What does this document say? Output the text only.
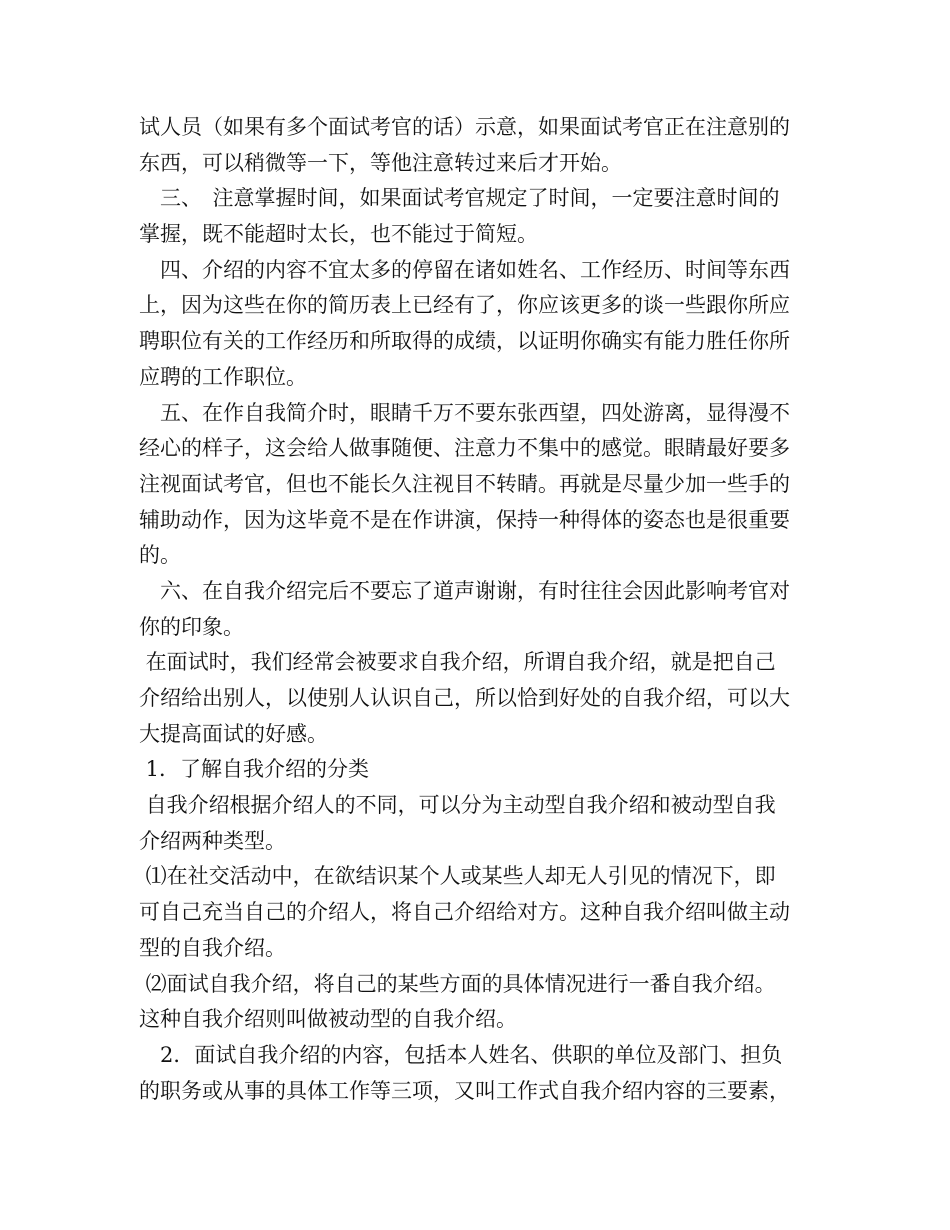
试人员（如果有多个面试考官的话）示意，如果面试考官正在注意别的
东西，可以稍微等一下，等他注意转过来后才开始。
　三、　注意掌握时间，如果面试考官规定了时间，一定要注意时间的
掌握，既不能超时太长，也不能过于简短。
　四、介绍的内容不宜太多的停留在诸如姓名、工作经历、时间等东西
上，因为这些在你的简历表上已经有了，你应该更多的谈一些跟你所应
聘职位有关的工作经历和所取得的成绩，以证明你确实有能力胜任你所
应聘的工作职位。
　五、在作自我简介时，眼睛千万不要东张西望，四处游离，显得漫不
经心的样子，这会给人做事随便、注意力不集中的感觉。眼睛最好要多
注视面试考官，但也不能长久注视目不转睛。再就是尽量少加一些手的
辅助动作，因为这毕竟不是在作讲演，保持一种得体的姿态也是很重要
的。
　六、在自我介绍完后不要忘了道声谢谢，有时往往会因此影响考官对
你的印象。
在面试时，我们经常会被要求自我介绍，所谓自我介绍，就是把自己
介绍给出别人，以使别人认识自己，所以恰到好处的自我介绍，可以大
大提高面试的好感。
1．了解自我介绍的分类
自我介绍根据介绍人的不同，可以分为主动型自我介绍和被动型自我
介绍两种类型。
⑴在社交活动中，在欲结识某个人或某些人却无人引见的情况下，即
可自己充当自己的介绍人，将自己介绍给对方。这种自我介绍叫做主动
型的自我介绍。
⑵面试自我介绍，将自己的某些方面的具体情况进行一番自我介绍。
这种自我介绍则叫做被动型的自我介绍。
　2．面试自我介绍的内容，包括本人姓名、供职的单位及部门、担负
的职务或从事的具体工作等三项，又叫工作式自我介绍内容的三要素，
